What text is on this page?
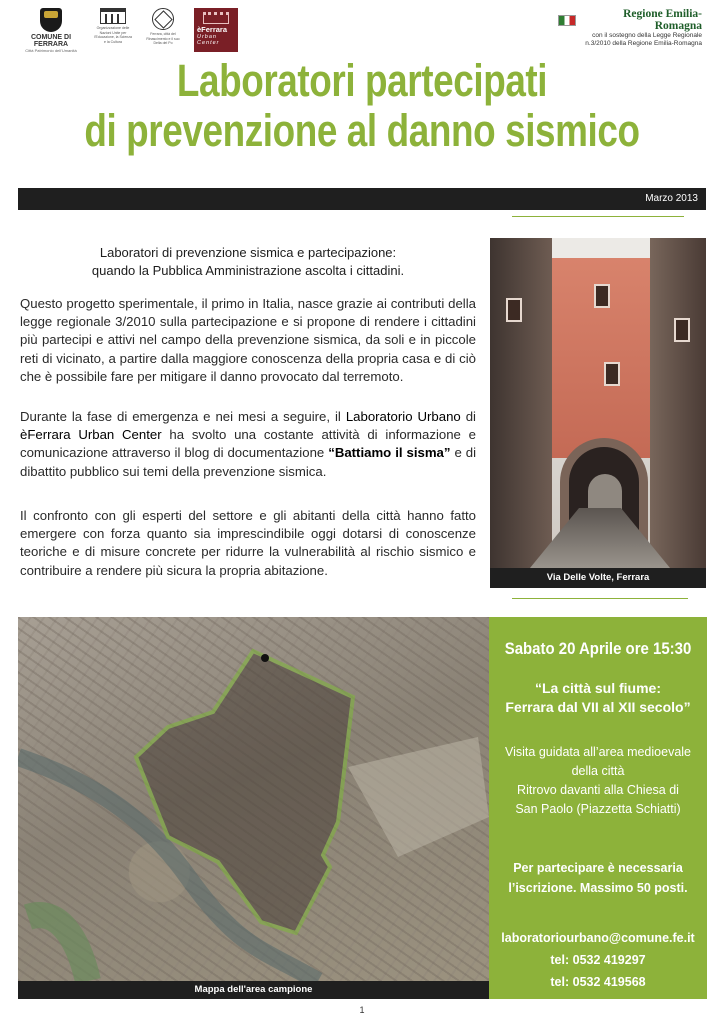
COMUNE DI FERRARA
Città Patrimonio dell'Umanità
Organizzazione delle Nazioni Unite per l'Educazione, la Scienza e la Cultura
Ferrara, città del Rinascimento e il suo Delta del Po
èFerrara
Urban Center
Regione Emilia-Romagna
con il sostegno della Legge Regionale
n.3/2010 della Regione Emilia-Romagna
Laboratori partecipati
di prevenzione al danno sismico
Marzo 2013
Laboratori di prevenzione sismica e partecipazione:
quando la Pubblica Amministrazione ascolta i cittadini.

Questo progetto sperimentale, il primo in Italia, nasce grazie ai contributi della legge regionale 3/2010 sulla partecipazione e si propone di rendere i cittadini più partecipi e attivi nel campo della prevenzione sismica, da soli e in piccole reti di vicinato, a partire dalla maggiore conoscenza della propria casa e di ciò che è possibile fare per mitigare il danno provocato dal terremoto.

Durante la fase di emergenza e nei mesi a seguire, il Laboratorio Urbano di èFerrara Urban Center ha svolto una costante attività di informazione e comunicazione attraverso il blog di documentazione “Battiamo il sisma” e di dibattito pubblico sui temi della prevenzione sismica.

Il confronto con gli esperti del settore e gli abitanti della città hanno fatto emergere con forza quanto sia imprescindibile oggi dotarsi di conoscenze teoriche e di misure concrete per ridurre la vulnerabilità al rischio sismico e contribuire a rendere più sicura la propria abitazione.	Via Delle Volte, Ferrara
Mappa dell'area campione
Sabato 20 Aprile ore 15:30
“La città sul fiume:
Ferrara dal VII al XII secolo”
Visita guidata all’area medioevale
della città
Ritrovo davanti alla Chiesa di
San Paolo (Piazzetta Schiatti)
Per partecipare è necessaria
l’iscrizione. Massimo 50 posti.
laboratoriourbano@comune.fe.it
tel: 0532 419297
tel: 0532 419568
1
